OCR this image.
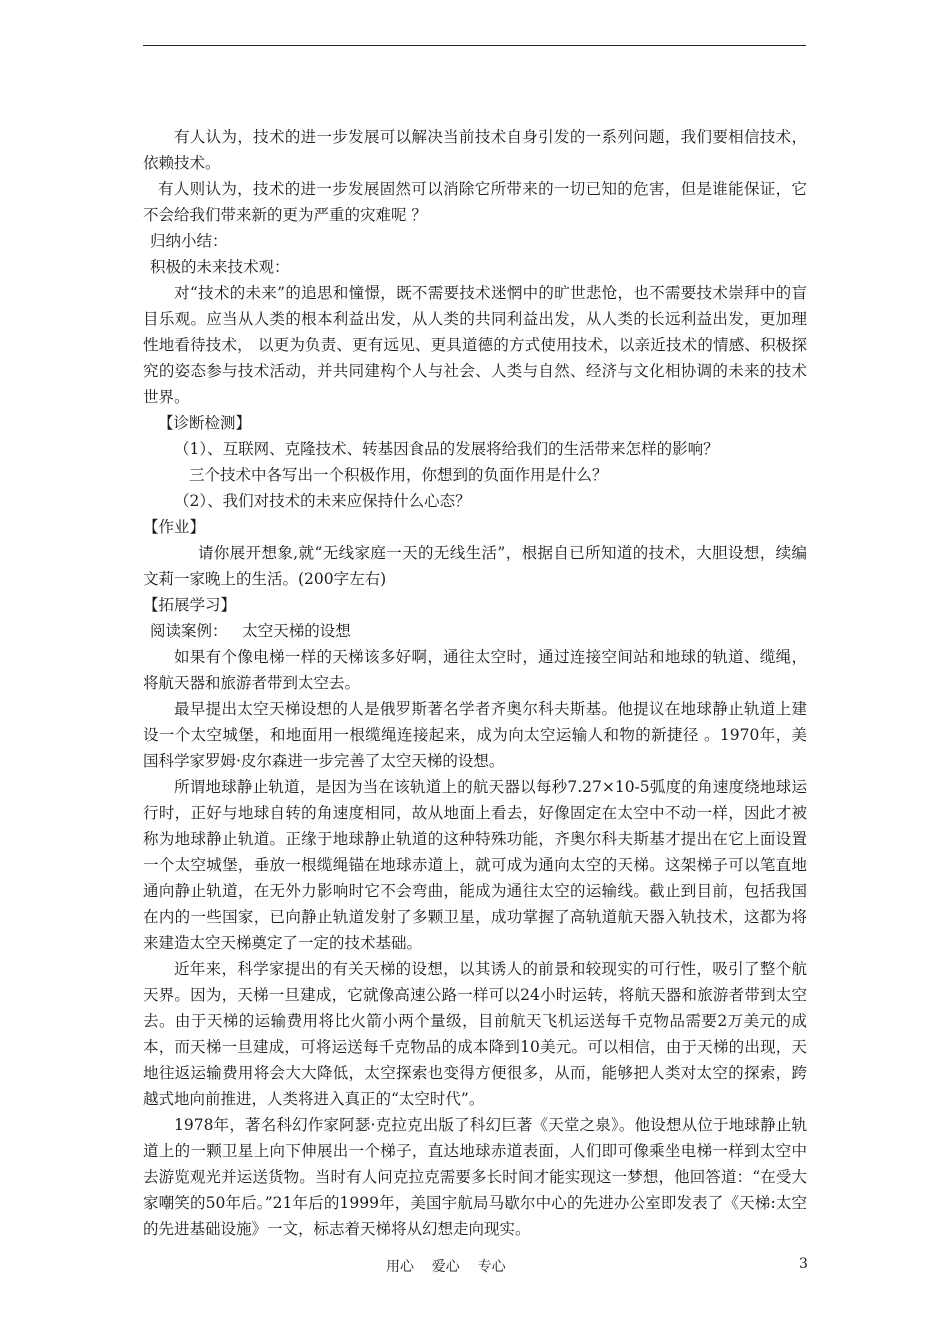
有人认为，技术的进一步发展可以解决当前技术自身引发的一系列问题，我们要相信技术，依赖技术。

有人则认为，技术的进一步发展固然可以消除它所带来的一切已知的危害，但是谁能保证，它不会给我们带来新的更为严重的灾难呢 ？

归纳小结：

积极的未来技术观：

对“技术的未来”的追思和憧憬，既不需要技术迷惘中的旷世悲怆，也不需要技术崇拜中的盲目乐观。应当从人类的根本利益出发，从人类的共同利益出发，从人类的长远利益出发，更加理性地看待技术， 以更为负责、更有远见、更具道德的方式使用技术，以亲近技术的情感、积极探究的姿态参与技术活动，并共同建构个人与社会、人类与自然、经济与文化相协调的未来的技术世界。

【诊断检测】

（1）、互联网、克隆技术、转基因食品的发展将给我们的生活带来怎样的影响？

三个技术中各写出一个积极作用，你想到的负面作用是什么？

（2）、我们对技术的未来应保持什么心态？

【作业】

请你展开想象,就“无线家庭一天的无线生活”，根据自已所知道的技术，大胆设想，续编文莉一家晚上的生活。(200字左右)

【拓展学习】

阅读案例：   太空天梯的设想

如果有个像电梯一样的天梯该多好啊，通往太空时，通过连接空间站和地球的轨道、缆绳，将航天器和旅游者带到太空去。

最早提出太空天梯设想的人是俄罗斯著名学者齐奥尔科夫斯基。他提议在地球静止轨道上建设一个太空城堡，和地面用一根缆绳连接起来，成为向太空运输人和物的新捷径 。1970年，美国科学家罗姆·皮尔森进一步完善了太空天梯的设想。

所谓地球静止轨道，是因为当在该轨道上的航天器以每秒7.27×10-5弧度的角速度绕地球运行时，正好与地球自转的角速度相同，故从地面上看去，好像固定在太空中不动一样，因此才被称为地球静止轨道。正缘于地球静止轨道的这种特殊功能，齐奥尔科夫斯基才提出在它上面设置一个太空城堡，垂放一根缆绳锚在地球赤道上，就可成为通向太空的天梯。这架梯子可以笔直地通向静止轨道，在无外力影响时它不会弯曲，能成为通往太空的运输线。截止到目前，包括我国在内的一些国家，已向静止轨道发射了多颗卫星，成功掌握了高轨道航天器入轨技术，这都为将来建造太空天梯奠定了一定的技术基础。

近年来，科学家提出的有关天梯的设想，以其诱人的前景和较现实的可行性，吸引了整个航天界。因为，天梯一旦建成，它就像高速公路一样可以24小时运转，将航天器和旅游者带到太空去。由于天梯的运输费用将比火箭小两个量级，目前航天飞机运送每千克物品需要2万美元的成本，而天梯一旦建成，可将运送每千克物品的成本降到10美元。可以相信，由于天梯的出现，天地往返运输费用将会大大降低，太空探索也变得方便很多，从而，能够把人类对太空的探索，跨越式地向前推进，人类将进入真正的“太空时代”。

1978年，著名科幻作家阿瑟·克拉克出版了科幻巨著《天堂之泉》。他设想从位于地球静止轨道上的一颗卫星上向下伸展出一个梯子，直达地球赤道表面，人们即可像乘坐电梯一样到太空中去游览观光并运送货物。当时有人问克拉克需要多长时间才能实现这一梦想，他回答道：“在受大家嘲笑的50年后。”21年后的1999年，美国宇航局马歇尔中心的先进办公室即发表了《天梯:太空的先进基础设施》一文，标志着天梯将从幻想走向现实。

用心    爱心    专心	3
